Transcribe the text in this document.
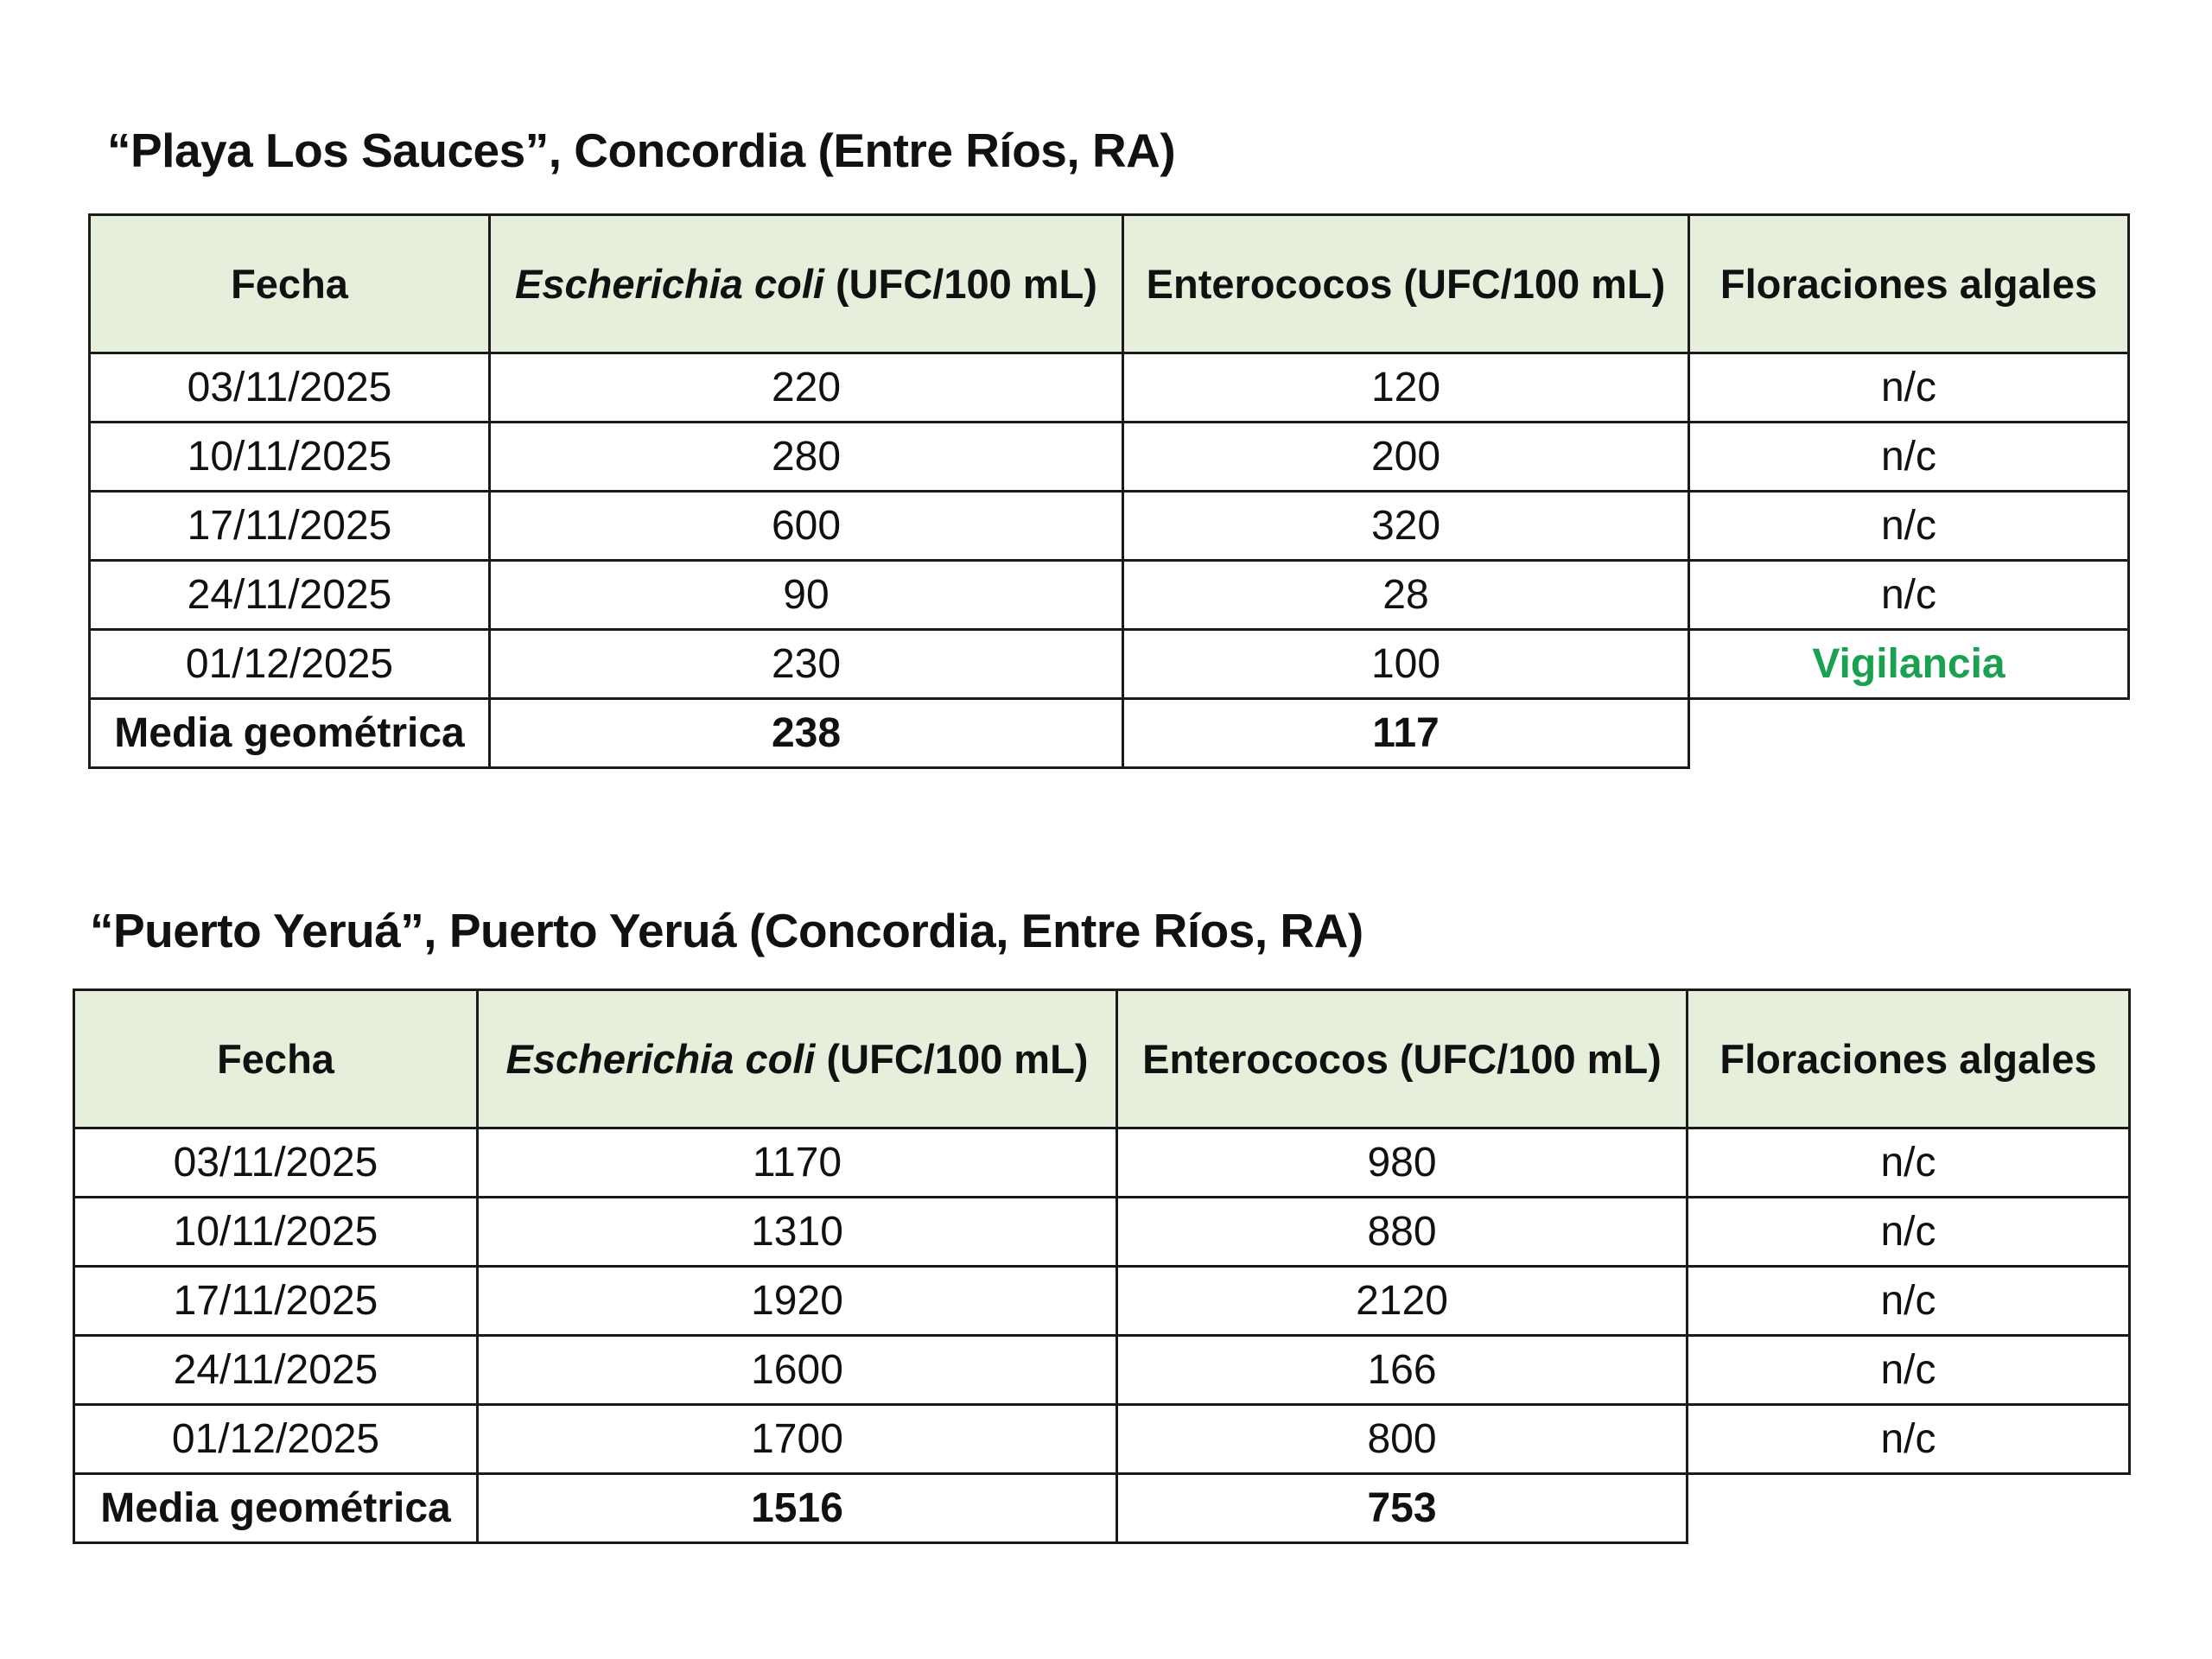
“Playa Los Sauces”, Concordia (Entre Ríos, RA)
Fecha	Escherichia coli (UFC/100 mL)	Enterococos (UFC/100 mL)	Floraciones algales
03/11/2025	220	120	n/c
10/11/2025	280	200	n/c
17/11/2025	600	320	n/c
24/11/2025	90	28	n/c
01/12/2025	230	100	Vigilancia
Media geométrica	238	117	
“Puerto Yeruá”, Puerto Yeruá (Concordia, Entre Ríos, RA)
Fecha	Escherichia coli (UFC/100 mL)	Enterococos (UFC/100 mL)	Floraciones algales
03/11/2025	1170	980	n/c
10/11/2025	1310	880	n/c
17/11/2025	1920	2120	n/c
24/11/2025	1600	166	n/c
01/12/2025	1700	800	n/c
Media geométrica	1516	753	
